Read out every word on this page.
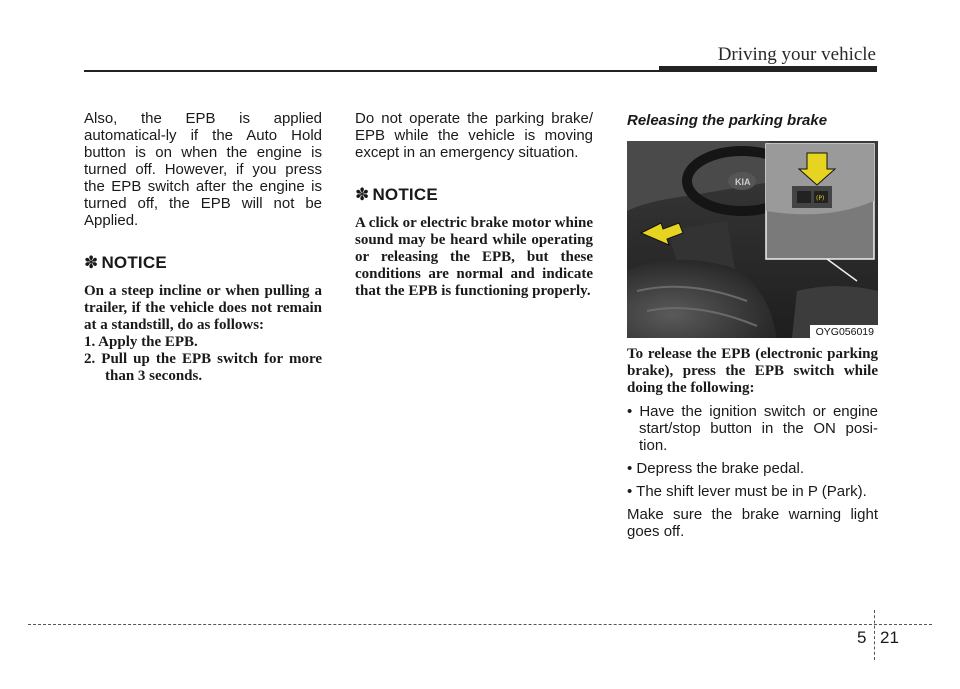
Driving your vehicle

Also, the EPB is applied automatical-ly if the Auto Hold button is on when the engine is turned off. However, if you press the EPB switch after the engine is turned off, the EPB will not be Applied.

✽ NOTICE

On a steep incline or when pulling a trailer, if the vehicle does not remain at a standstill, do as follows:

1. Apply the EPB.

2. Pull up the EPB switch for more than 3 seconds.

Do not operate the parking brake/ EPB while the vehicle is moving except in an emergency situation.

✽ NOTICE

A click or electric brake motor whine sound may be heard while operating or releasing the EPB, but these conditions are normal and indicate that the EPB is functioning properly.

Releasing the parking brake
KIA
(P)
OYG056019

To release the EPB (electronic parking brake), press the EPB switch while doing the following:

• Have the ignition switch or engine start/stop button in the ON posi-tion.

• Depress the brake pedal.

• The shift lever must be in P (Park).

Make sure the brake warning light goes off.

5 21
